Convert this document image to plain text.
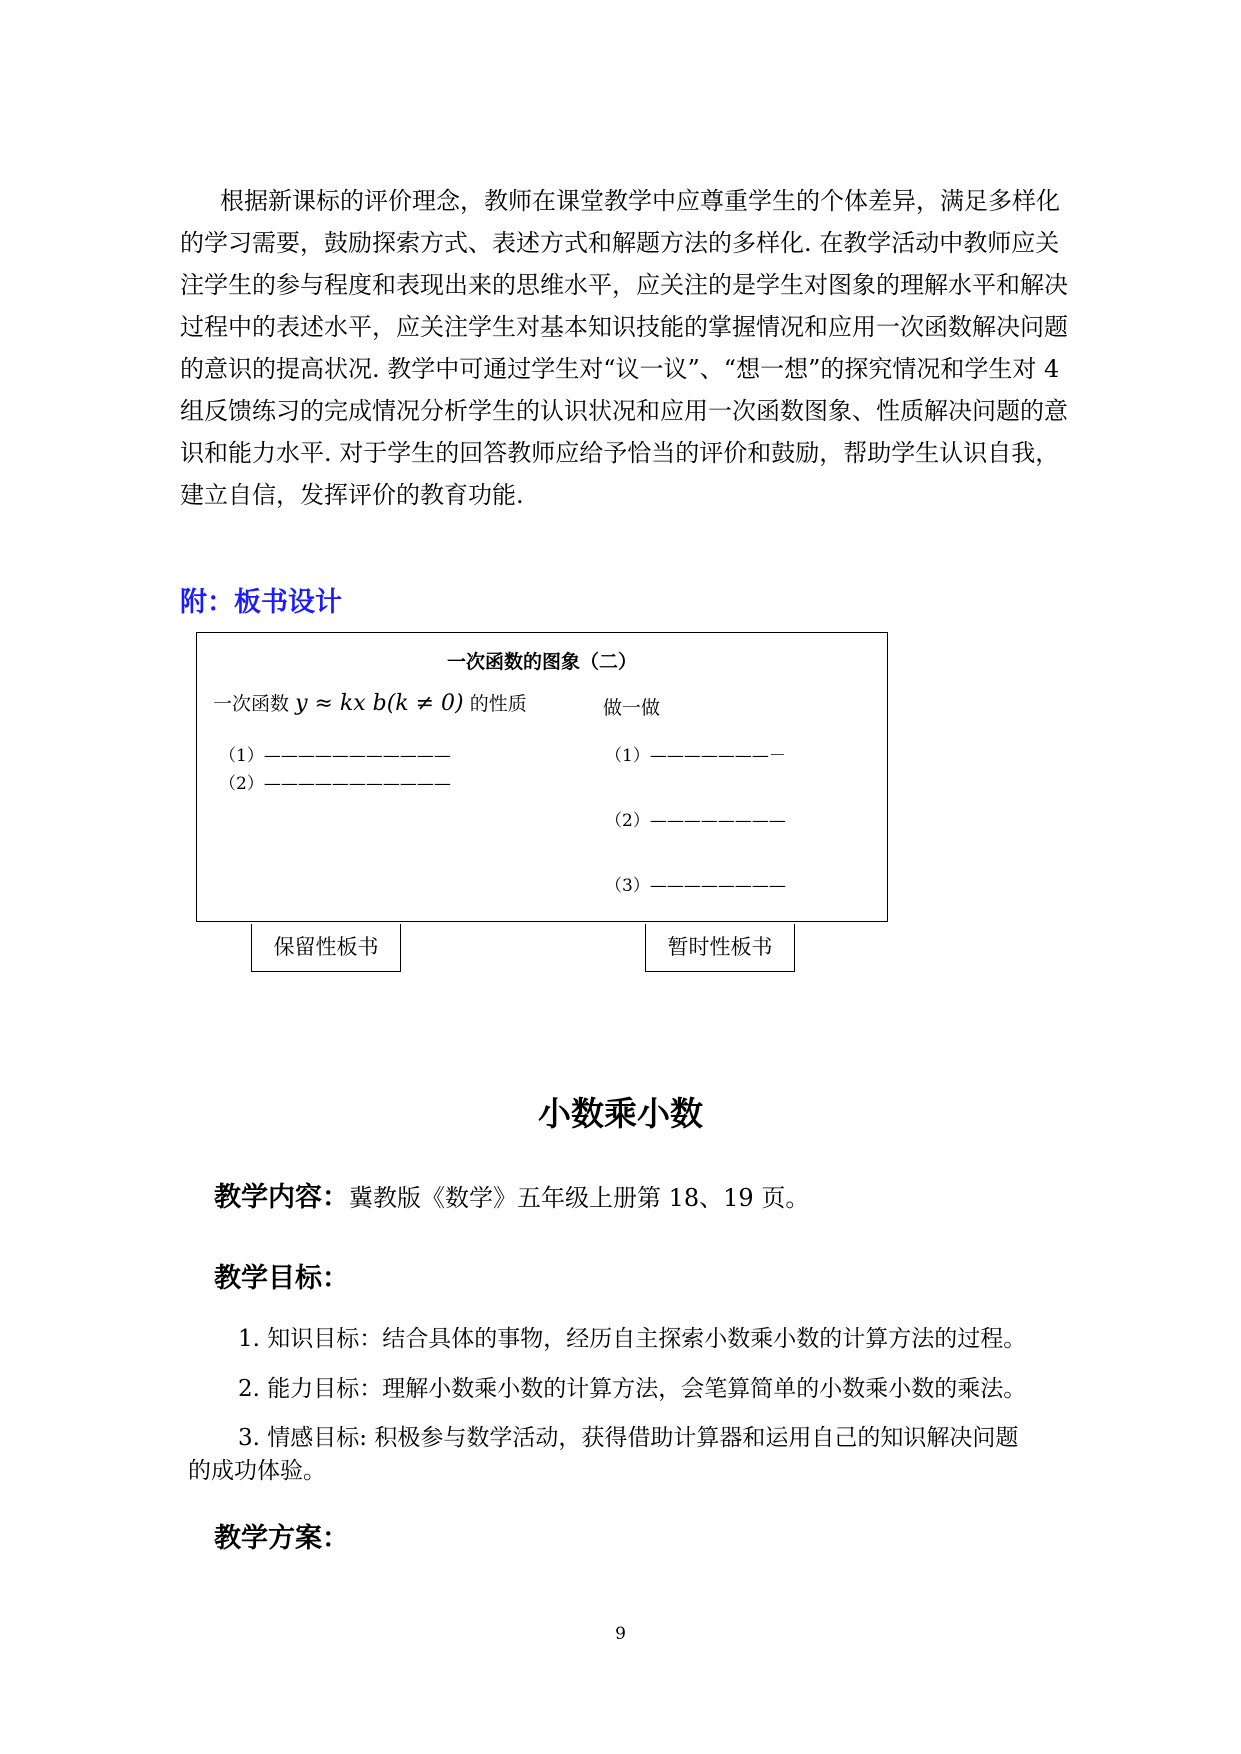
根据新课标的评价理念，教师在课堂教学中应尊重学生的个体差异，满足多样化
的学习需要，鼓励探索方式、表述方式和解题方法的多样化. 在教学活动中教师应关
注学生的参与程度和表现出来的思维水平，应关注的是学生对图象的理解水平和解决
过程中的表述水平，应关注学生对基本知识技能的掌握情况和应用一次函数解决问题
的意识的提高状况. 教学中可通过学生对“议一议”、“想一想”的探究情况和学生对 4
组反馈练习的完成情况分析学生的认识状况和应用一次函数图象、性质解决问题的意
识和能力水平. 对于学生的回答教师应给予恰当的评价和鼓励，帮助学生认识自我，
建立自信，发挥评价的教育功能.
附：板书设计
一次函数的图象（二）
一次函数 y ≈ kx b(k ≠ 0) 的性质	做一做
（1）———————————
（2）———————————
（1）———————－
（2）————————
（3）————————
保留性板书	暂时性板书
小数乘小数
教学内容：冀教版《数学》五年级上册第 18、19 页。
教学目标：
1. 知识目标：结合具体的事物，经历自主探索小数乘小数的计算方法的过程。
2. 能力目标：理解小数乘小数的计算方法，会笔算简单的小数乘小数的乘法。
3. 情感目标: 积极参与数学活动，获得借助计算器和运用自己的知识解决问题
的成功体验。
教学方案：
9
